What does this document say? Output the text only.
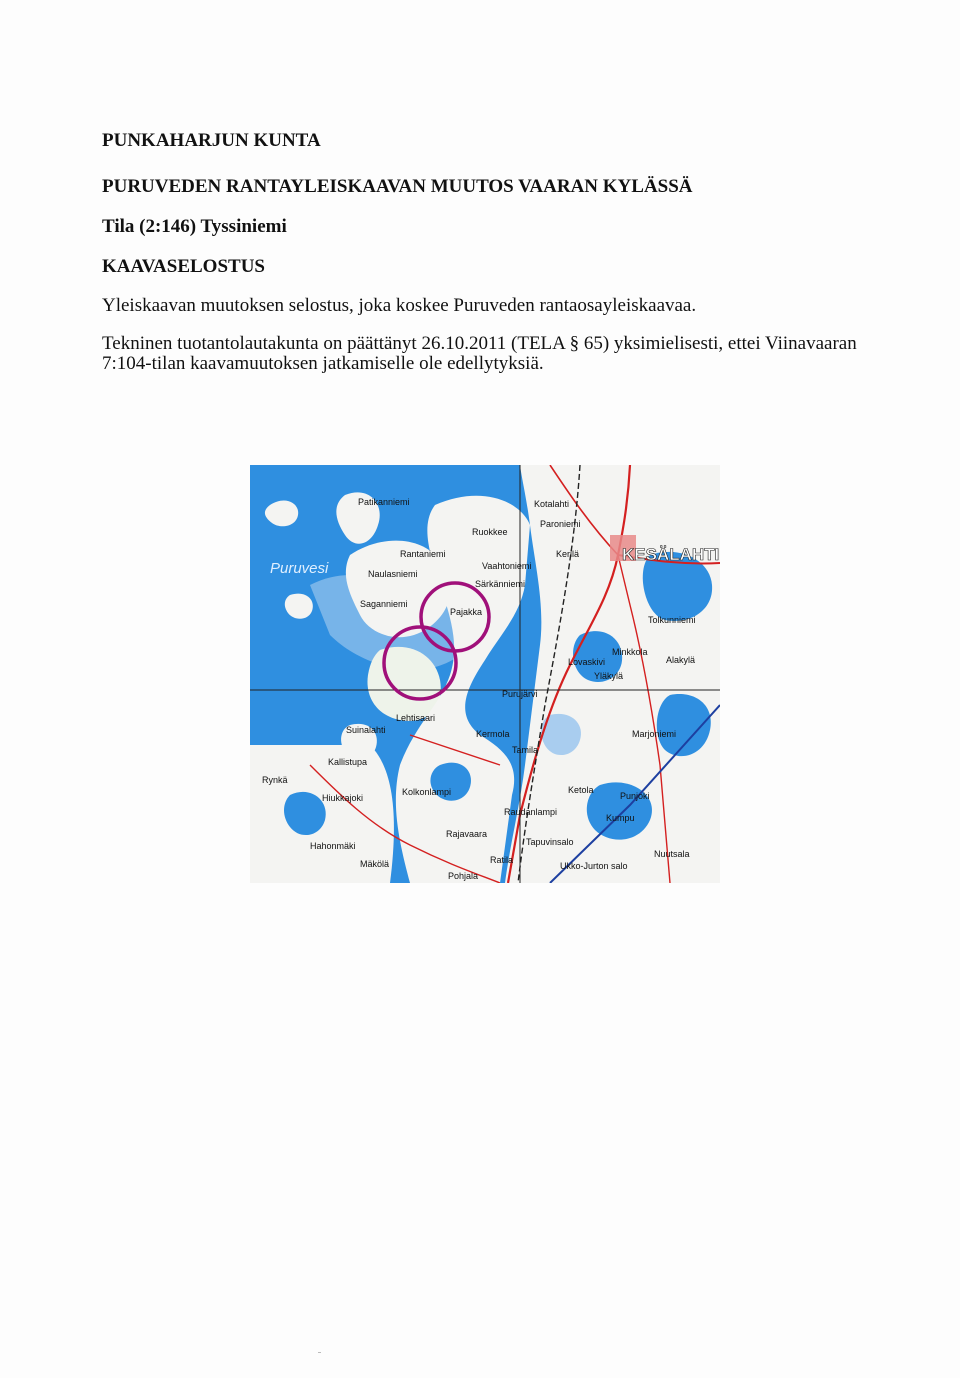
PUNKAHARJUN KUNTA

PURUVEDEN RANTAYLEISKAAVAN MUUTOS VAARAN KYLÄSSÄ

Tila (2:146) Tyssiniemi

KAAVASELOSTUS

Yleiskaavan muutoksen selostus, joka koskee Puruveden rantaosayleiskaavaa.

Tekninen tuotantolautakunta on päättänyt 26.10.2011 (TELA § 65) yksimielisesti, ettei Viinavaaran

7:104-tilan kaavamuutoksen jatkamiselle ole edellytyksiä.

Puruvesi
KESÄLAHTI
Tolkunniemi
Kotalahti
Paroniemi
Ruokkee
Kerilä
Särkänniemi
Patikanniemi
Rantaniemi
Naulasniemi
Vaahtoniemi
Saganniemi
Pajakka
Lovaskivi
Minkkola
Yläkylä
Alakylä
Purujärvi
Marjoniemi
Kallistupa
Rynkä
Hiukkajoki
Kolkonlampi	Ketola
Punjoki
Kumpu
Rajavaara
Raudanlampi
Tapuvinsalo
Ratila
Ukko-Jurton salo
Nuutsala
Mäkölä
Pohjala
Hahonmäki
Lehtisaari
Kermola
Tamila
Suinalahti
